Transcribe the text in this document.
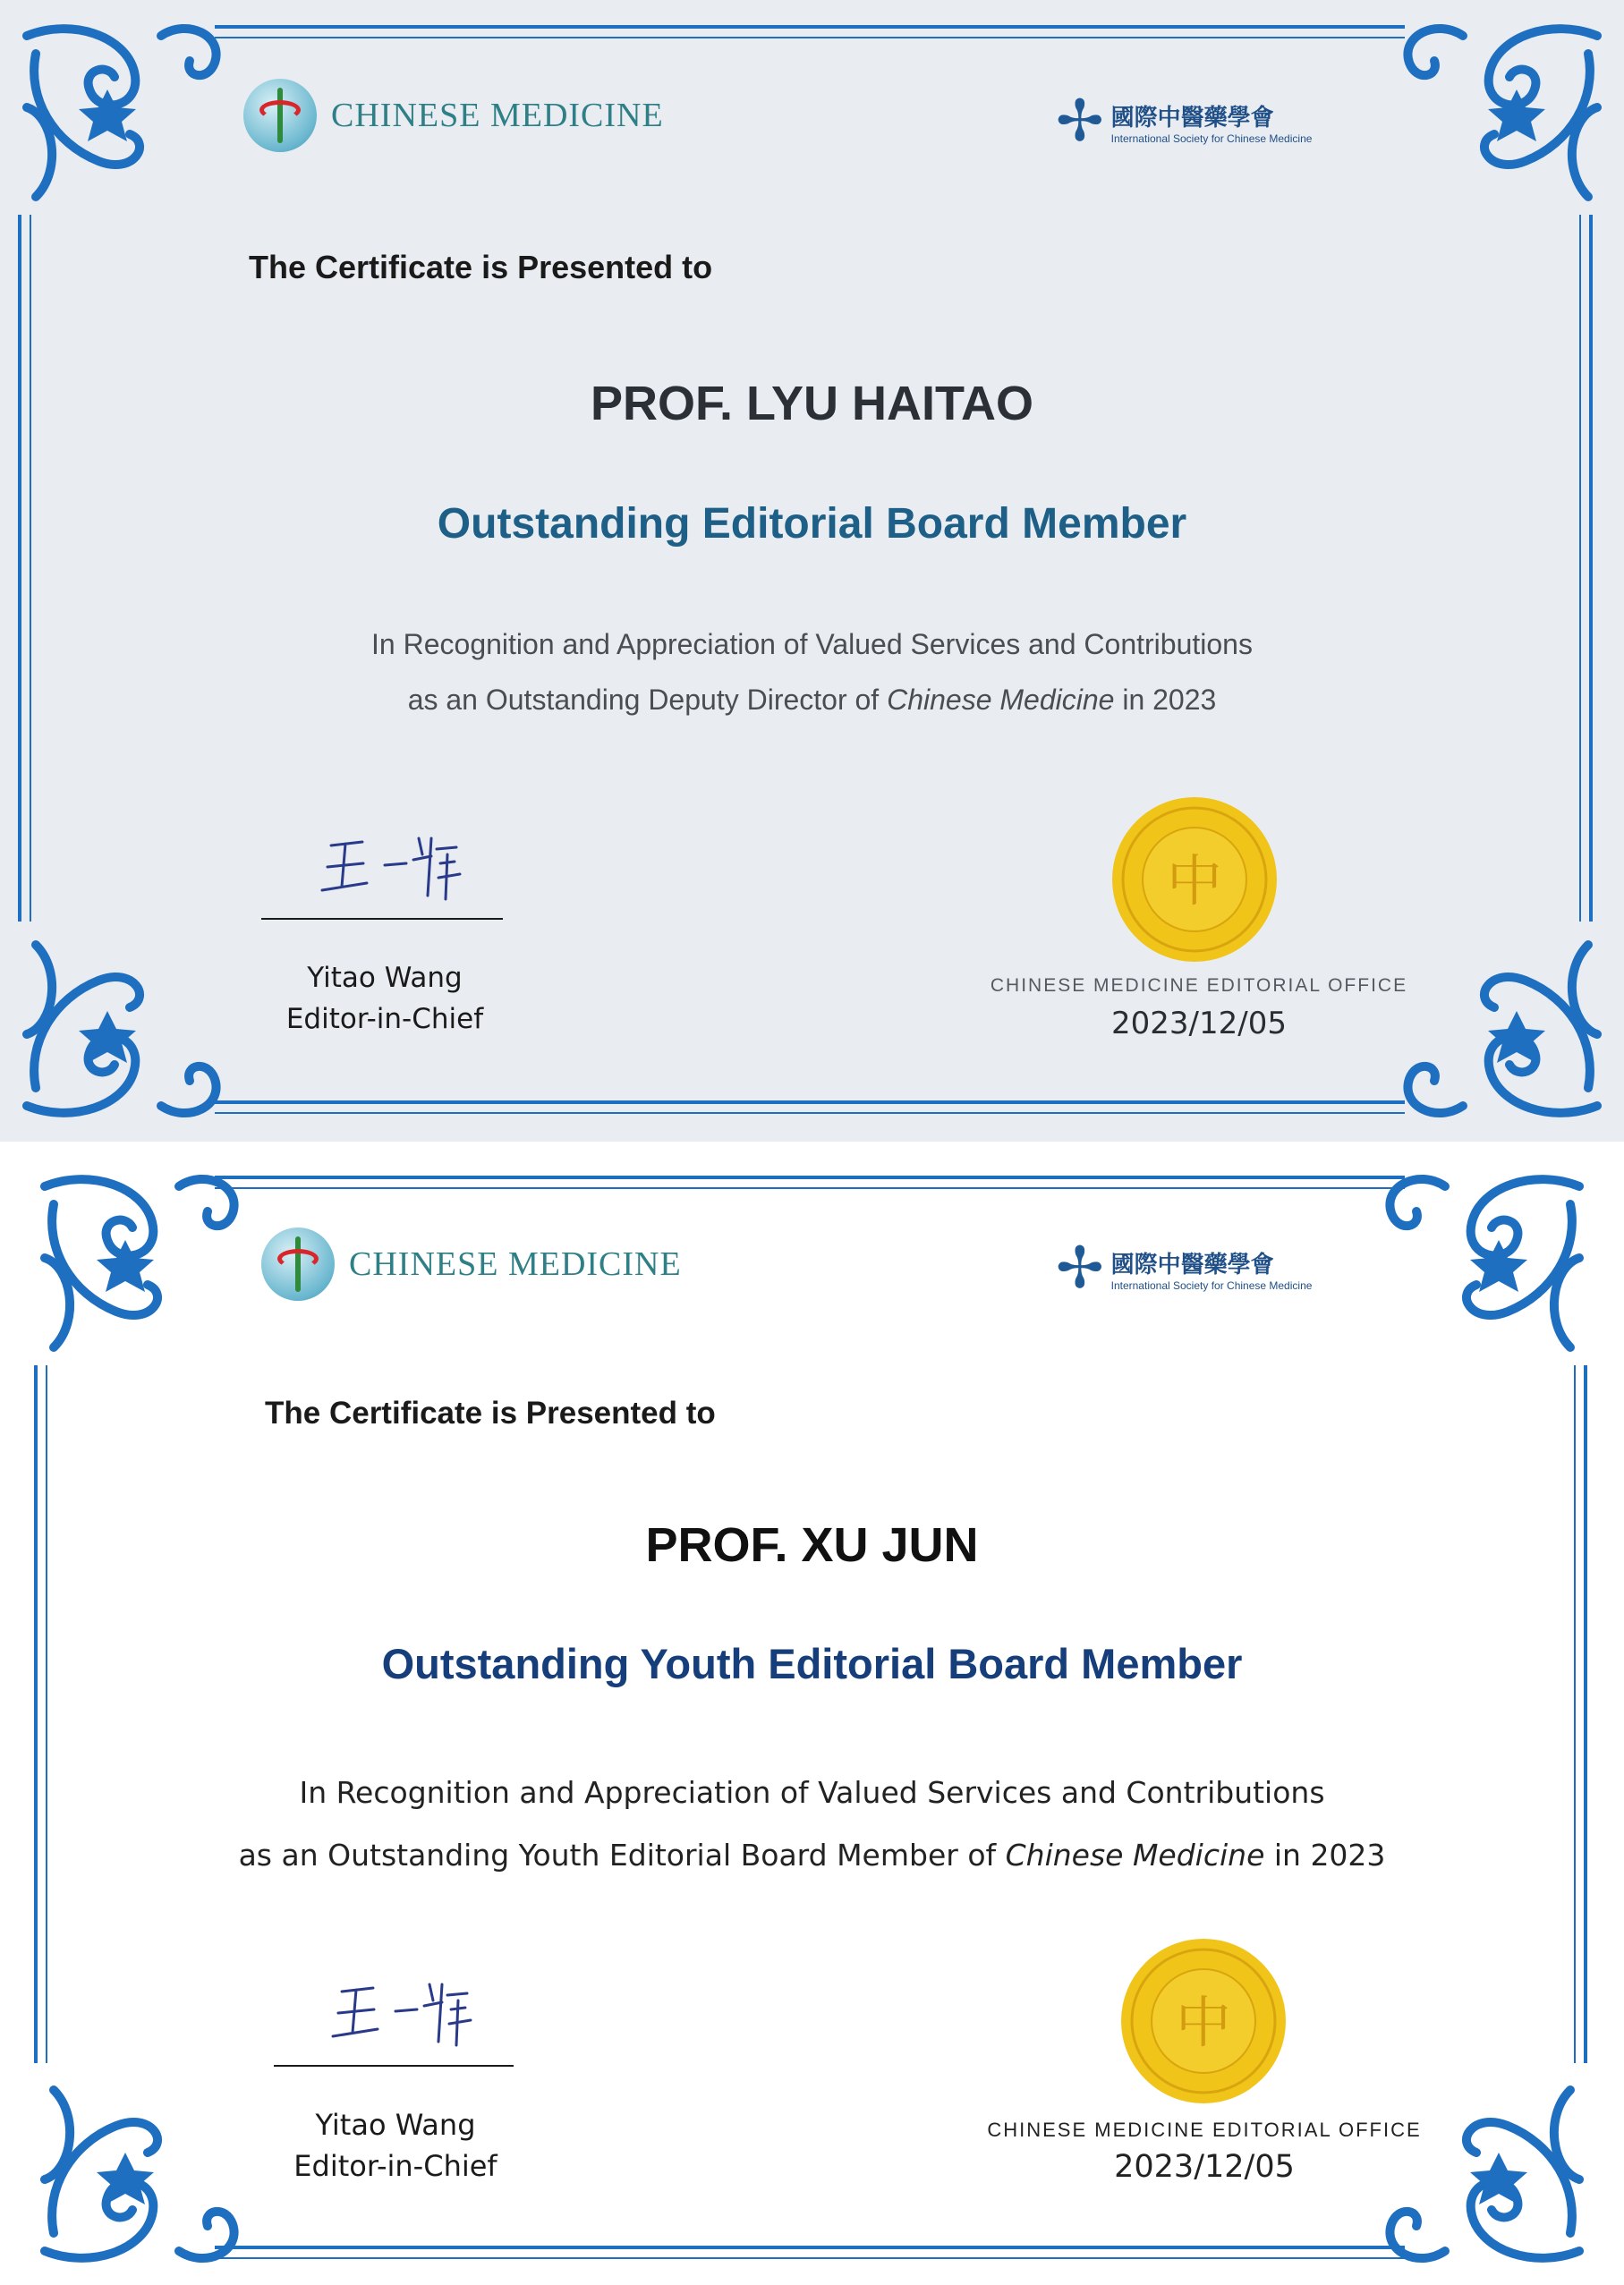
CHINESE MEDICINE	✢ 國際中醫藥學會
International Society for Chinese Medicine
The Certificate is Presented to
PROF. LYU HAITAO
Outstanding Editorial Board Member
In Recognition and Appreciation of Valued Services and Contributions
as an Outstanding Deputy Director of Chinese Medicine in 2023
Yitao Wang
Editor-in-Chief
中
CHINESE MEDICINE EDITORIAL OFFICE
2023/12/05
CHINESE MEDICINE	✢ 國際中醫藥學會
International Society for Chinese Medicine
The Certificate is Presented to
PROF. XU JUN
Outstanding Youth Editorial Board Member
In Recognition and Appreciation of Valued Services and Contributions
as an Outstanding Youth Editorial Board Member of Chinese Medicine in 2023
Yitao Wang
Editor-in-Chief
中
CHINESE MEDICINE EDITORIAL OFFICE
2023/12/05
